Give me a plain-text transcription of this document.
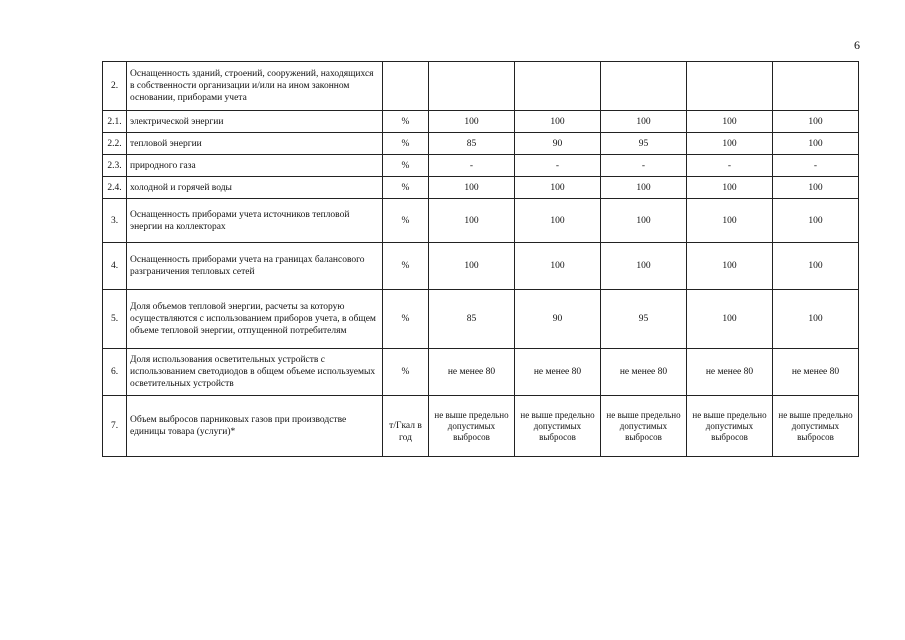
6
2.	Оснащенность зданий, строений, сооружений, находящихся в собственности организации и/или на ином законном основании, приборами учета						
2.1.	электрической энергии	%	100	100	100	100	100
2.2.	тепловой энергии	%	85	90	95	100	100
2.3.	природного газа	%	-	-	-	-	-
2.4.	холодной и горячей воды	%	100	100	100	100	100
3.	Оснащенность приборами учета источников тепловой энергии на коллекторах	%	100	100	100	100	100
4.	Оснащенность приборами учета на границах балансового разграничения тепловых сетей	%	100	100	100	100	100
5.	Доля объемов тепловой энергии, расчеты за которую осуществляются с использованием приборов учета, в общем объеме тепловой энергии, отпущенной потребителям	%	85	90	95	100	100
6.	Доля использования осветительных устройств с использованием светодиодов в общем объеме используемых осветительных устройств	%	не менее 80	не менее 80	не менее 80	не менее 80	не менее 80
7.	Объем выбросов парниковых газов при производстве единицы товара (услуги)*	т/Гкал в год	не выше предельно допустимых выбросов	не выше предельно допустимых выбросов	не выше предельно допустимых выбросов	не выше предельно допустимых выбросов	не выше предельно допустимых выбросов
